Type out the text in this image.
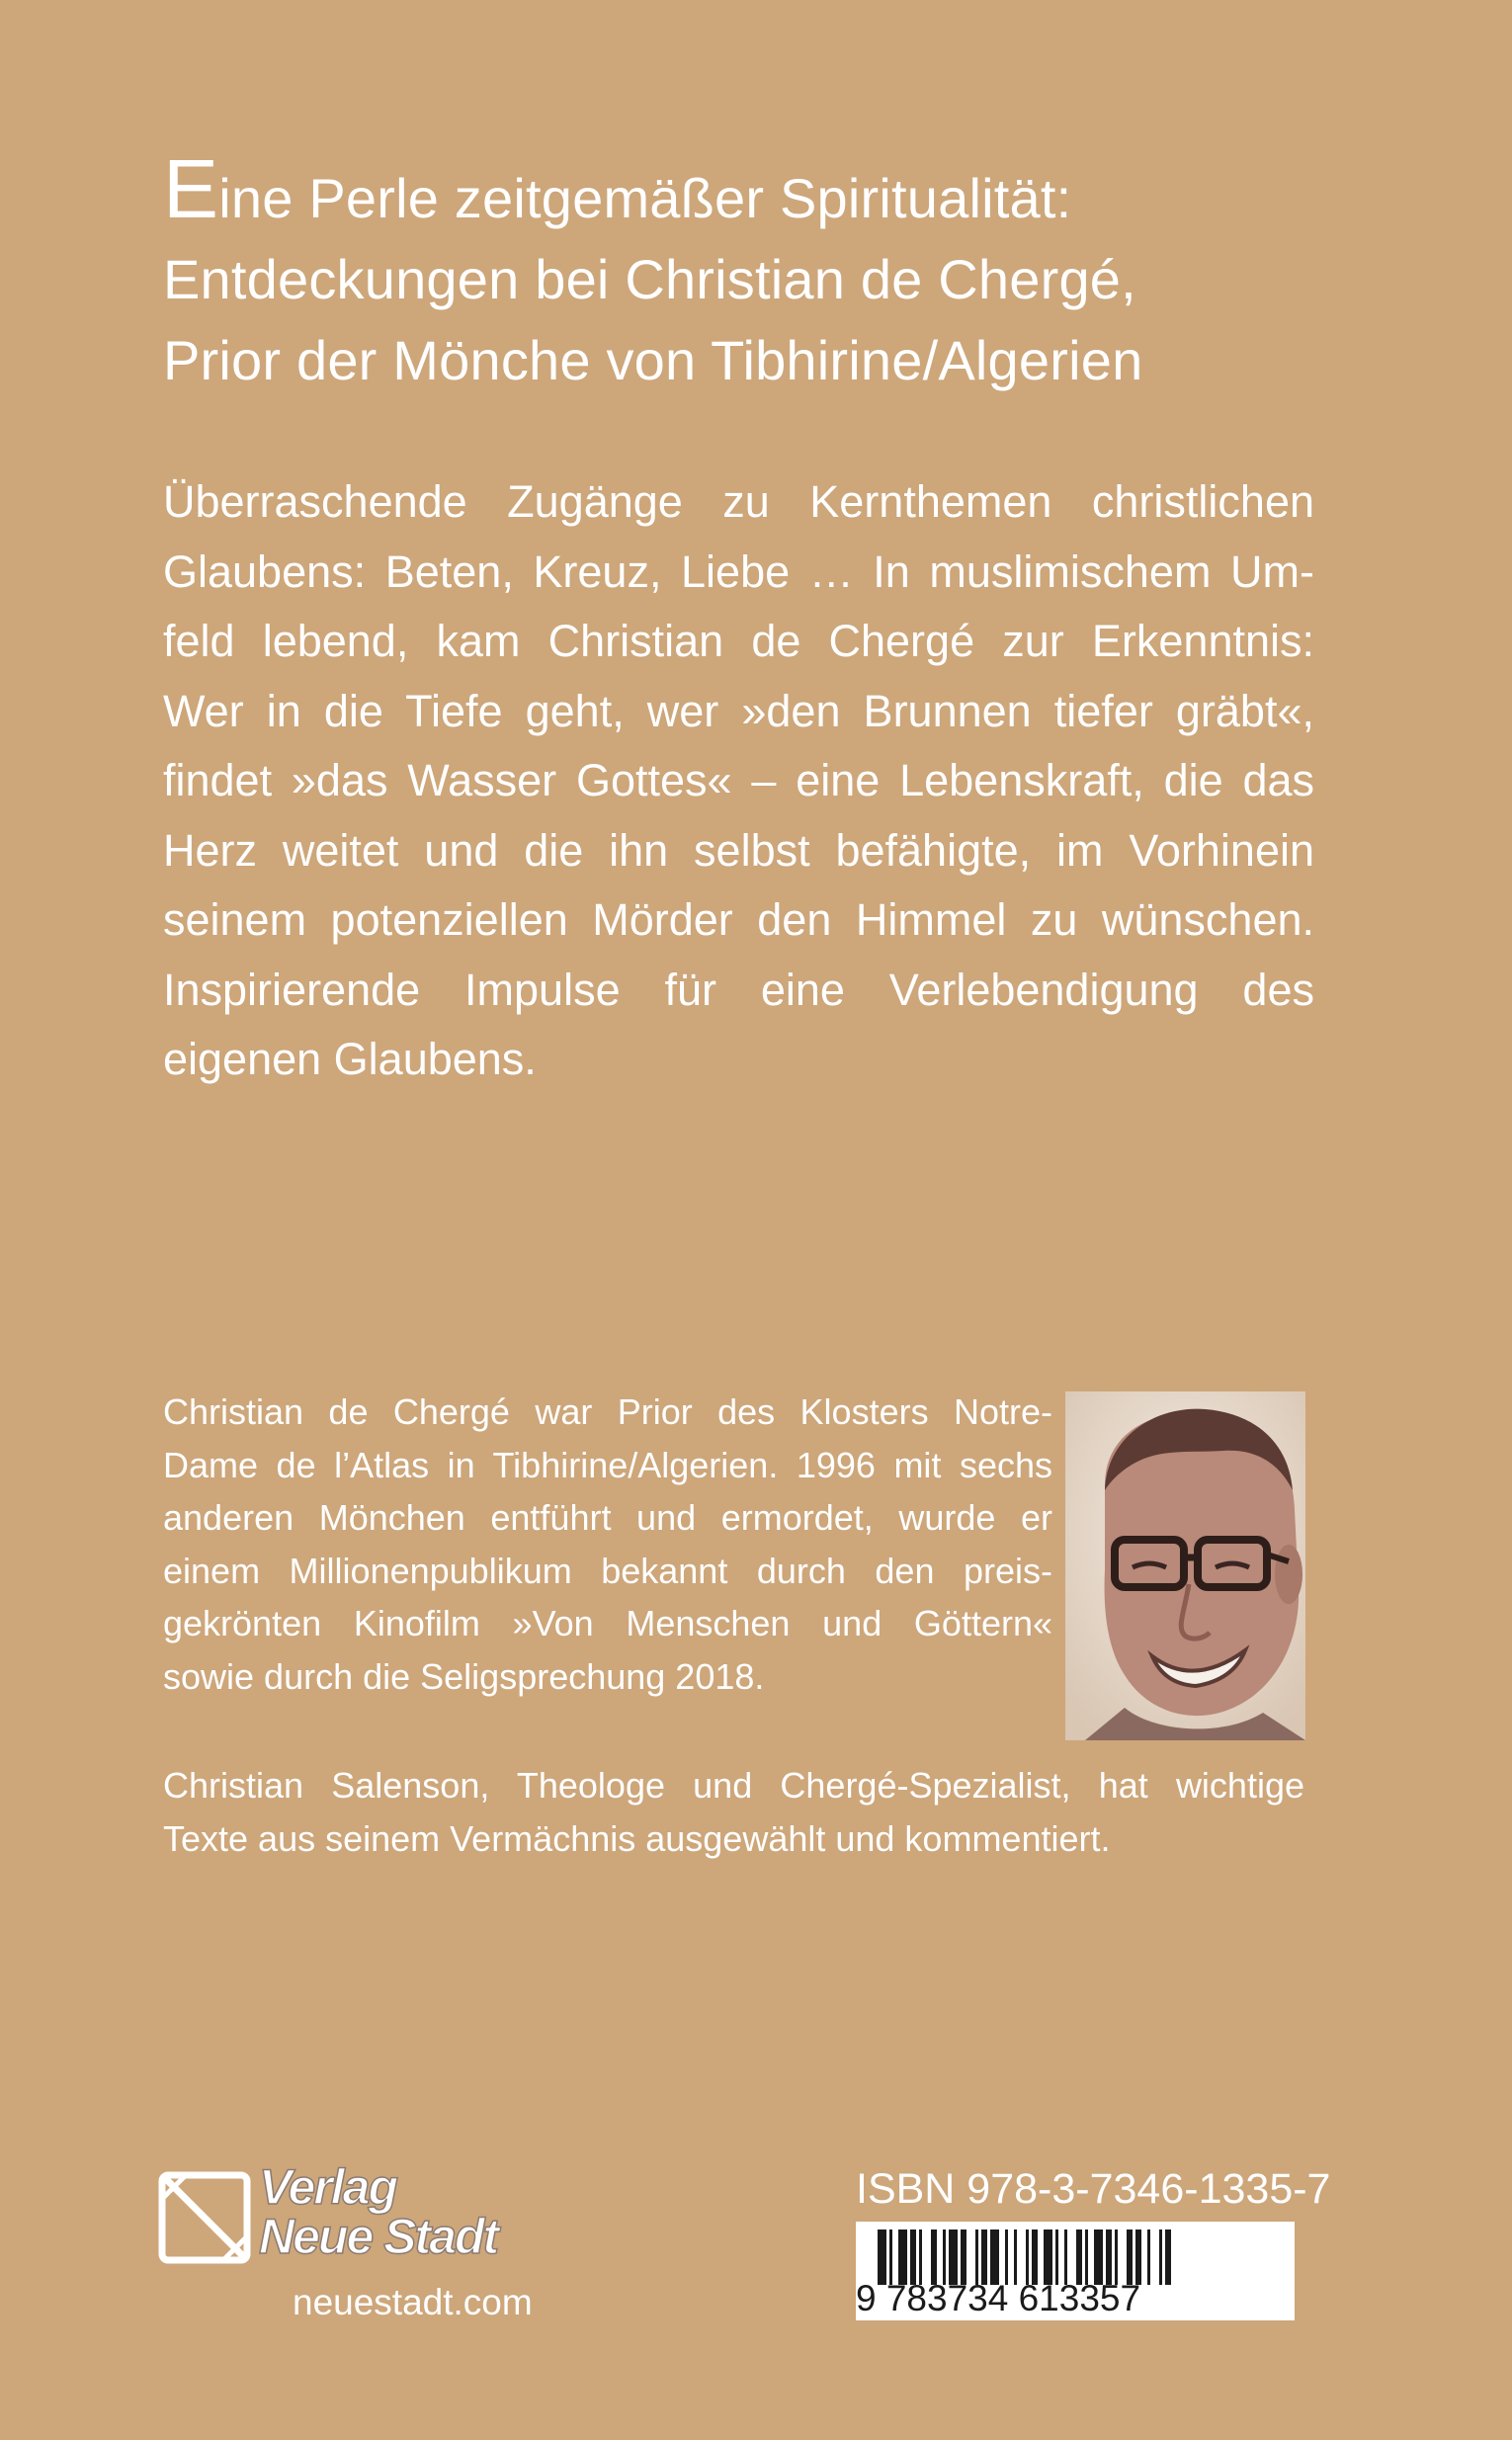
Eine Perle zeitgemäßer Spiritualität:
Entdeckungen bei Christian de Chergé,
Prior der Mönche von Tibhirine/Algerien
Überraschende Zugänge zu Kernthemen christlichen
Glaubens: Beten, Kreuz, Liebe … In muslimischem Um-
feld lebend, kam Christian de Chergé zur Erkenntnis:
Wer in die Tiefe geht, wer »den Brunnen tiefer gräbt«,
findet »das Wasser Gottes« – eine Lebenskraft, die das
Herz weitet und die ihn selbst befähigte, im Vorhinein
seinem potenziellen Mörder den Himmel zu wünschen.
Inspirierende Impulse für eine Verlebendigung des
eigenen Glaubens.
Christian de Chergé war Prior des Klosters Notre-
Dame de l’Atlas in Tibhirine/Algerien. 1996 mit sechs
anderen Mönchen entführt und ermordet, wurde er
einem Millionenpublikum bekannt durch den preis-
gekrönten Kinofilm »Von Menschen und Göttern«
sowie durch die Seligsprechung 2018.
Christian Salenson, Theologe und Chergé-Spezialist, hat wichtige
Texte aus seinem Vermächnis ausgewählt und kommentiert.
Verlag
Neue Stadt
neuestadt.com
ISBN 978-3-7346-1335-7
9 783734 613357
